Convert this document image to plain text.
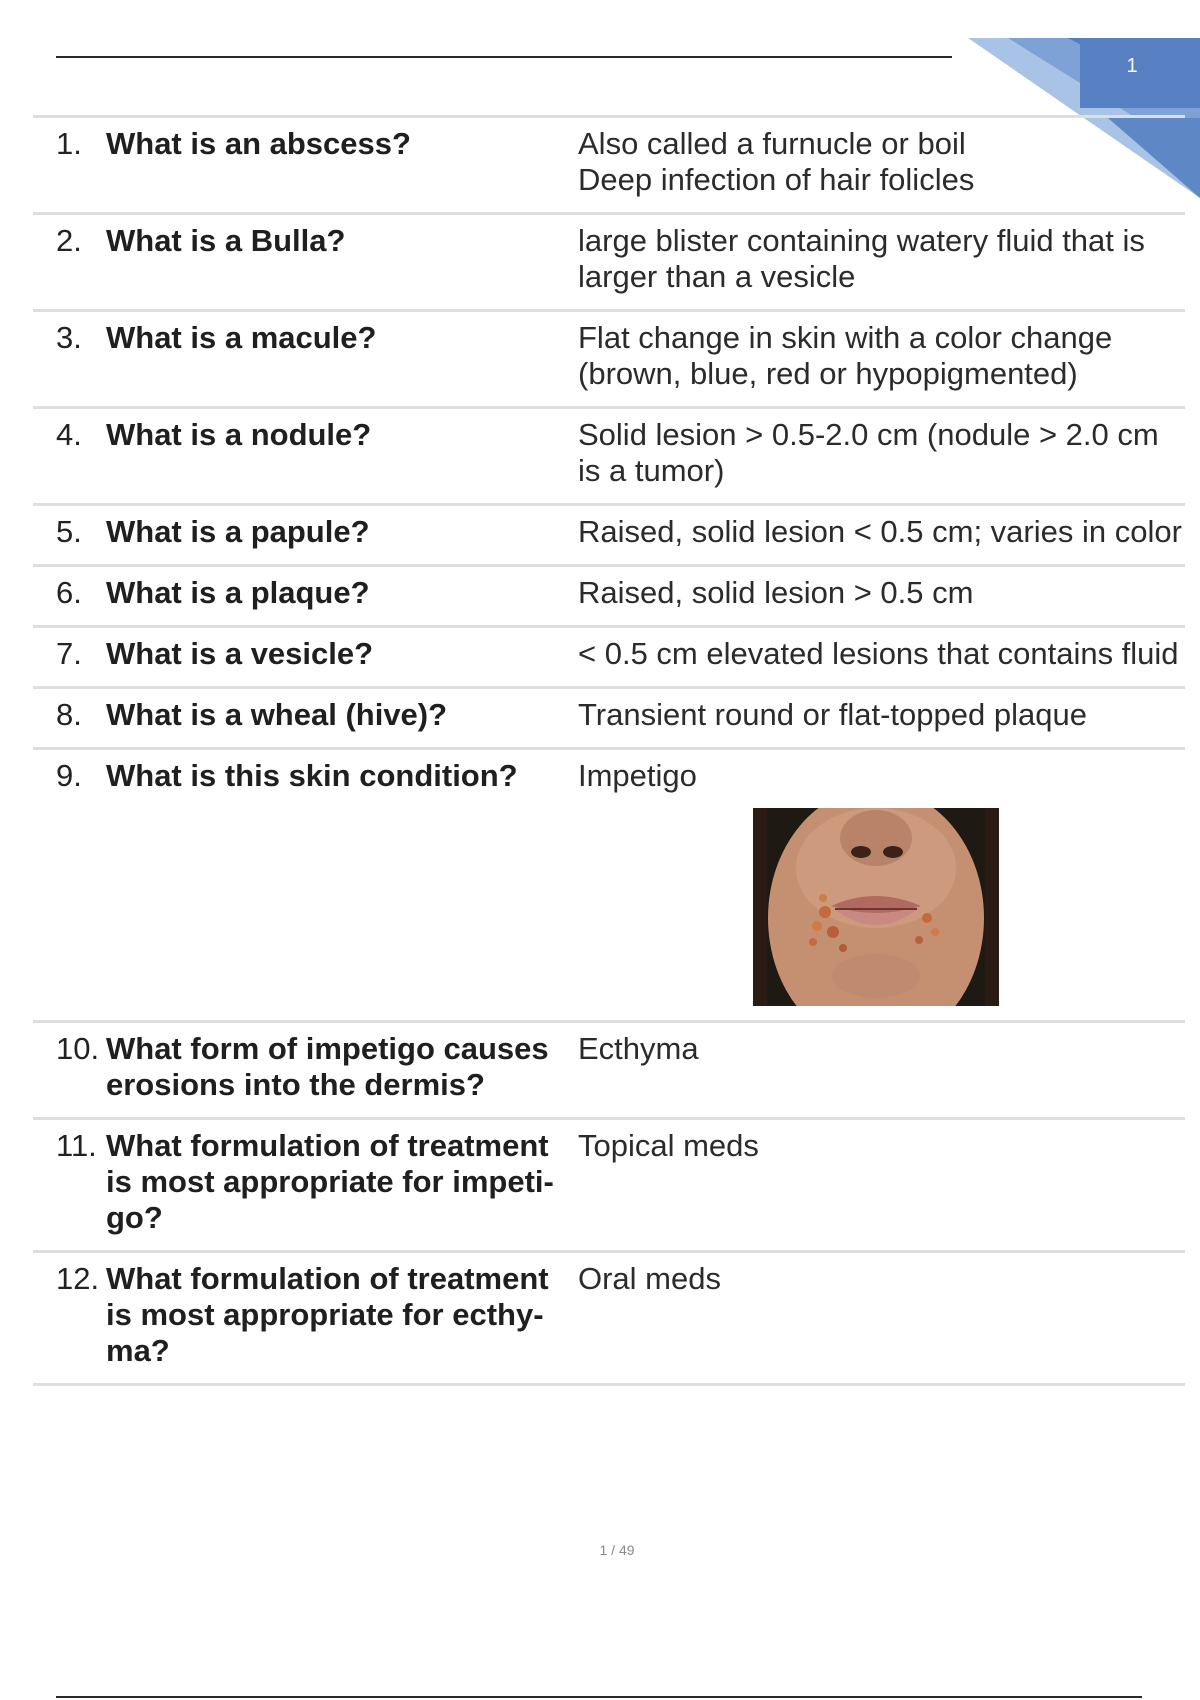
1
1.	What is an abscess?	Also called a furnucle or boil
Deep infection of hair folicles

2.	What is a Bulla?	large blister containing watery fluid that is larger than a vesicle

3.	What is a macule?	Flat change in skin with a color change (brown, blue, red or hypopigmented)

4.	What is a nodule?	Solid lesion > 0.5-2.0 cm (nodule > 2.0 cm is a tumor)

5.	What is a papule?	Raised, solid lesion < 0.5 cm; varies in color

6.	What is a plaque?	Raised, solid lesion > 0.5 cm

7.	What is a vesicle?	< 0.5 cm elevated lesions that contains fluid

8.	What is a wheal (hive)?	Transient round or flat-topped plaque

9.	What is this skin condition?	Impetigo

10.	What form of impetigo causes erosions into the dermis?	Ecthyma

11.	What formulation of treatment is most appropriate for impeti-go?	Topical meds

12.	What formulation of treatment is most appropriate for ecthy-ma?	Oral meds
1 / 49
